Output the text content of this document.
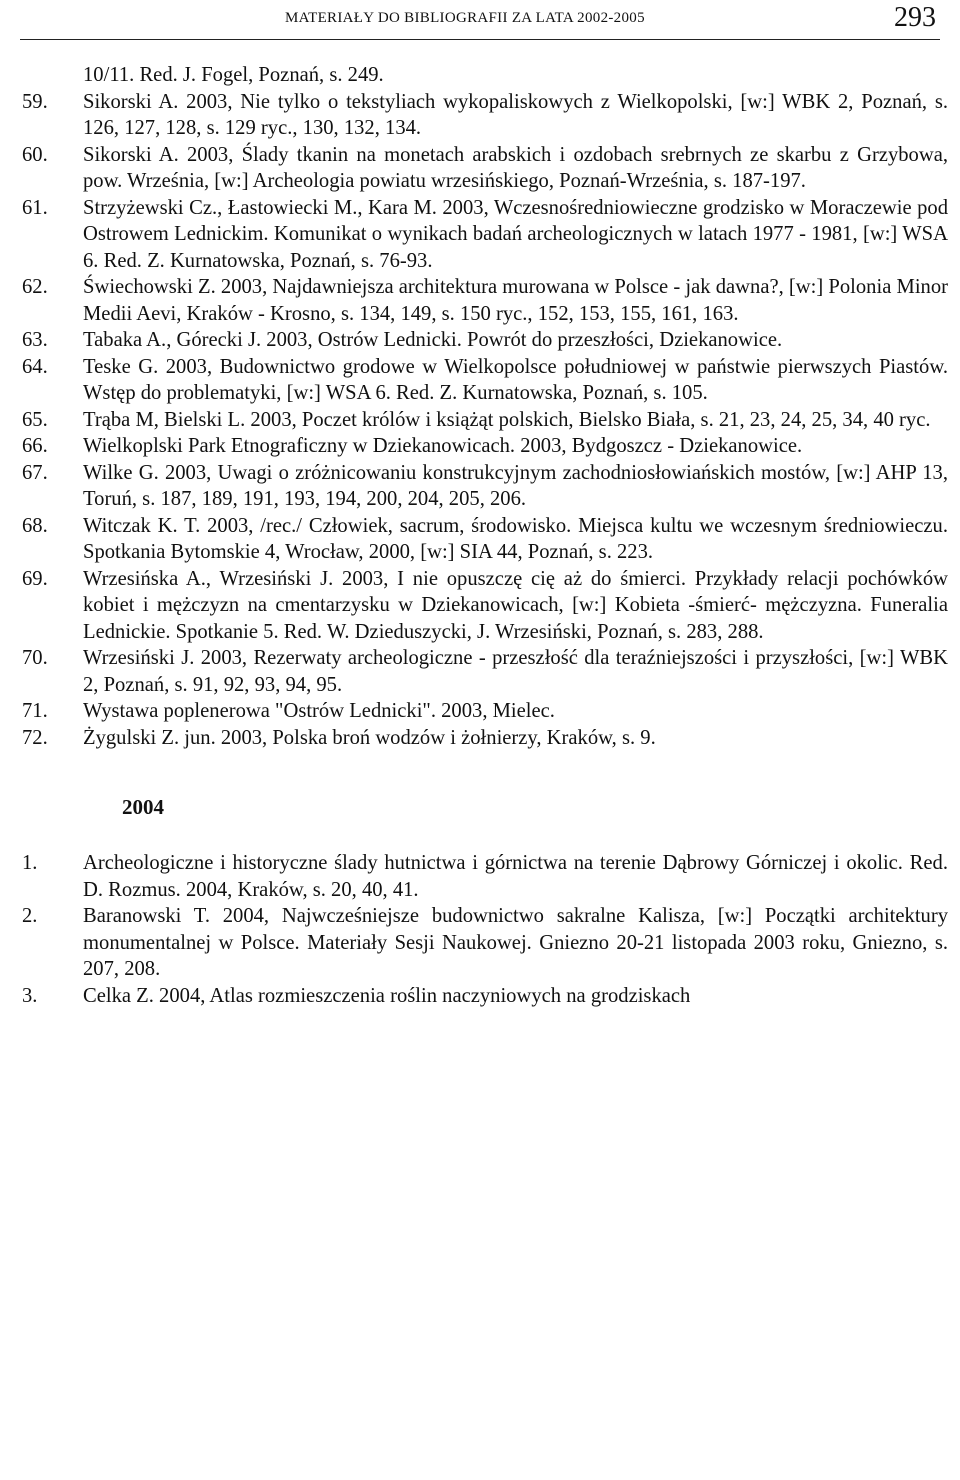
MATERIAŁY DO BIBLIOGRAFII ZA LATA 2002-2005	293
10/11. Red. J. Fogel, Poznań, s. 249.
59. Sikorski A. 2003, Nie tylko o tekstyliach wykopaliskowych z Wielkopolski, [w:] WBK 2, Poznań, s. 126, 127, 128, s. 129 ryc., 130, 132, 134.
60. Sikorski A. 2003, Ślady tkanin na monetach arabskich i ozdobach srebrnych ze skarbu z Grzybowa, pow. Września, [w:] Archeologia powiatu wrzesińskiego, Poznań-Września, s. 187-197.
61. Strzyżewski Cz., Łastowiecki M., Kara M. 2003, Wczesnośredniowieczne grodzisko w Moraczewie pod Ostrowem Lednickim. Komunikat o wynikach badań archeologicznych w latach 1977 - 1981, [w:] WSA 6. Red. Z. Kurnatowska, Poznań, s. 76-93.
62. Świechowski Z. 2003, Najdawniejsza architektura murowana w Polsce - jak dawna?, [w:] Polonia Minor Medii Aevi, Kraków - Krosno, s. 134, 149, s. 150 ryc., 152, 153, 155, 161, 163.
63. Tabaka A., Górecki J. 2003, Ostrów Lednicki. Powrót do przeszłości, Dziekanowice.
64. Teske G. 2003, Budownictwo grodowe w Wielkopolsce południowej w państwie pierwszych Piastów. Wstęp do problematyki, [w:] WSA 6. Red. Z. Kurnatowska, Poznań, s. 105.
65. Trąba M, Bielski L. 2003, Poczet królów i książąt polskich, Bielsko Biała, s. 21, 23, 24, 25, 34, 40 ryc.
66. Wielkoplski Park Etnograficzny w Dziekanowicach. 2003, Bydgoszcz - Dziekanowice.
67. Wilke G. 2003, Uwagi o zróżnicowaniu konstrukcyjnym zachodniosłowiańskich mostów, [w:] AHP 13, Toruń, s. 187, 189, 191, 193, 194, 200, 204, 205, 206.
68. Witczak K. T. 2003, /rec./ Człowiek, sacrum, środowisko. Miejsca kultu we wczesnym średniowieczu. Spotkania Bytomskie 4, Wrocław, 2000, [w:] SIA 44, Poznań, s. 223.
69. Wrzesińska A., Wrzesiński J. 2003, I nie opuszczę cię aż do śmierci. Przykłady relacji pochówków kobiet i mężczyzn na cmentarzysku w Dziekanowicach, [w:] Kobieta -śmierć- mężczyzna. Funeralia Lednickie. Spotkanie 5. Red. W. Dzieduszycki, J. Wrzesiński, Poznań, s. 283, 288.
70. Wrzesiński J. 2003, Rezerwaty archeologiczne - przeszłość dla teraźniejszości i przyszłości, [w:] WBK 2, Poznań, s. 91, 92, 93, 94, 95.
71. Wystawa poplenerowa "Ostrów Lednicki". 2003, Mielec.
72. Żygulski Z. jun. 2003, Polska broń wodzów i żołnierzy, Kraków, s. 9.
2004
1. Archeologiczne i historyczne ślady hutnictwa i górnictwa na terenie Dąbrowy Górniczej i okolic. Red. D. Rozmus. 2004, Kraków, s. 20, 40, 41.
2. Baranowski T. 2004, Najwcześniejsze budownictwo sakralne Kalisza, [w:] Początki architektury monumentalnej w Polsce. Materiały Sesji Naukowej. Gniezno 20-21 listopada 2003 roku, Gniezno, s. 207, 208.
3. Celka Z. 2004, Atlas rozmieszczenia roślin naczyniowych na grodziskach
